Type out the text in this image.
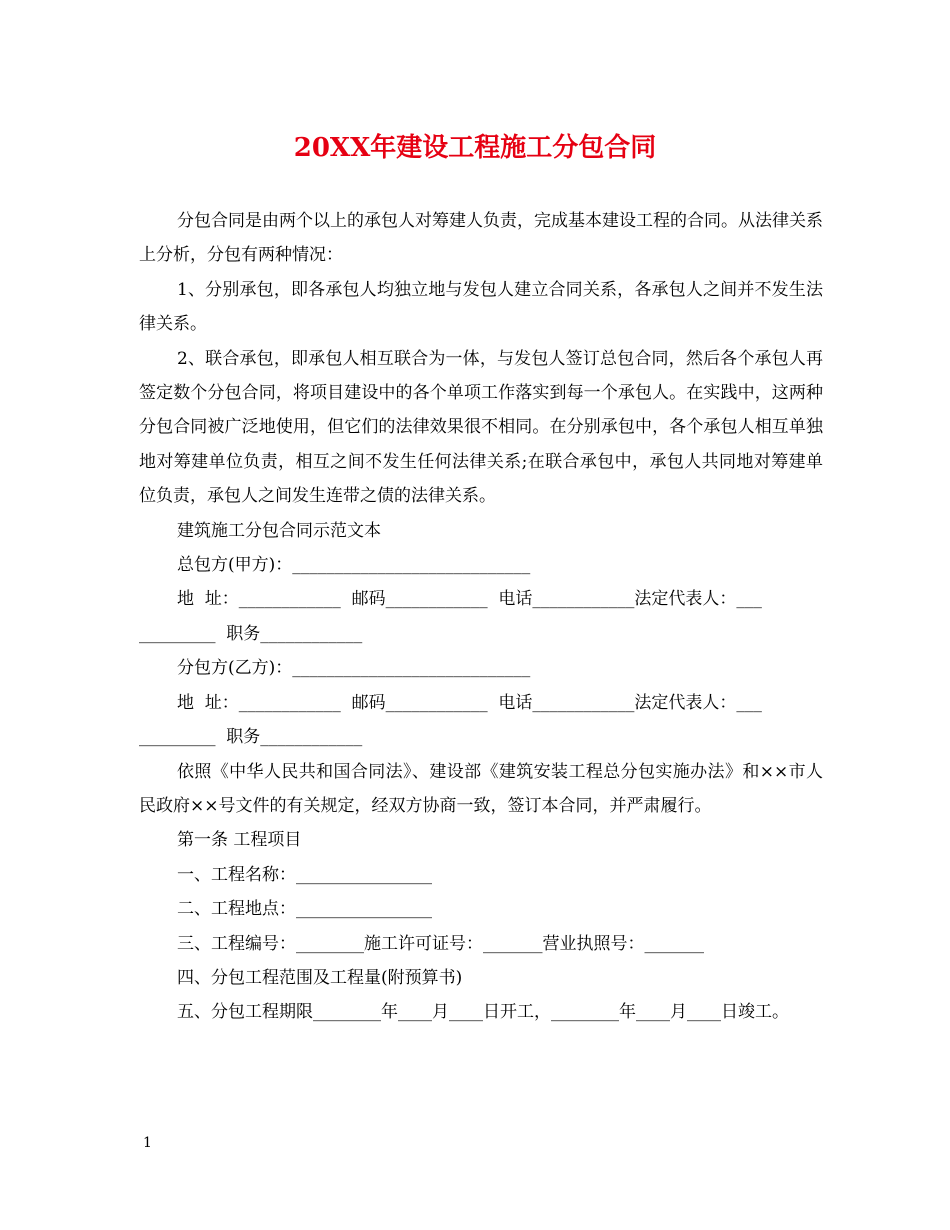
20XX年建设工程施工分包合同

分包合同是由两个以上的承包人对筹建人负责，完成基本建设工程的合同。从法律关系上分析，分包有两种情况：

1、分别承包，即各承包人均独立地与发包人建立合同关系，各承包人之间并不发生法律关系。

2、联合承包，即承包人相互联合为一体，与发包人签订总包合同，然后各个承包人再签定数个分包合同，将项目建设中的各个单项工作落实到每一个承包人。在实践中，这两种分包合同被广泛地使用，但它们的法律效果很不相同。在分别承包中，各个承包人相互单独地对筹建单位负责，相互之间不发生任何法律关系;在联合承包中，承包人共同地对筹建单位负责，承包人之间发生连带之债的法律关系。

建筑施工分包合同示范文本

总包方(甲方)：____________________________

地  址：____________  邮码____________  电话____________法定代表人：___

_________  职务____________

分包方(乙方)：____________________________

地  址：____________  邮码____________  电话____________法定代表人：___

_________  职务____________

依照《中华人民共和国合同法》、建设部《建筑安装工程总分包实施办法》和××市人民政府××号文件的有关规定，经双方协商一致，签订本合同，并严肃履行。

第一条 工程项目

一、工程名称：________________

二、工程地点：________________

三、工程编号：________施工许可证号：_______营业执照号：_______

四、分包工程范围及工程量(附预算书)

五、分包工程期限________年____月____日开工，________年____月____日竣工。

1
